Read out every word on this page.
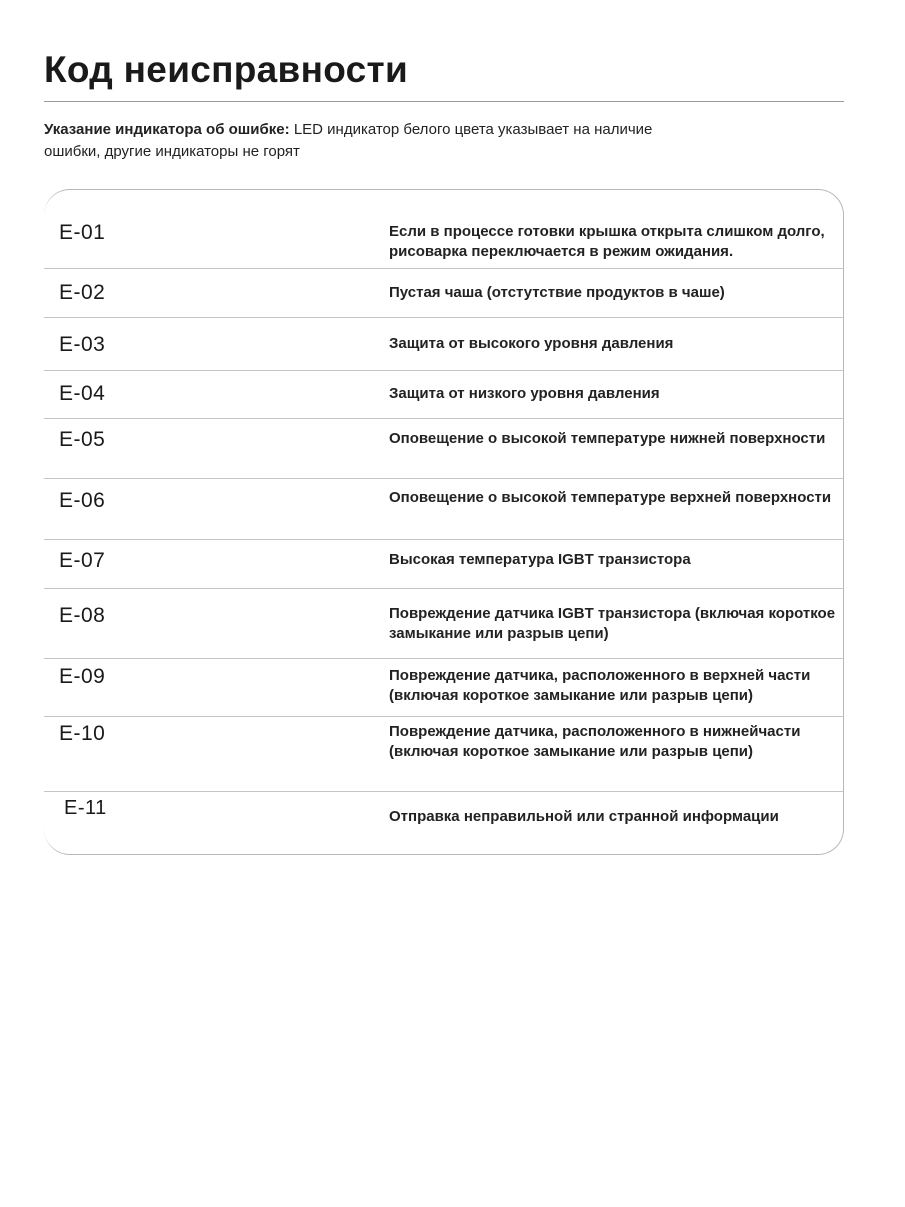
Код неисправности
Указание индикатора об ошибке: LED индикатор белого цвета указывает на наличие ошибки, другие индикаторы не горят
E-01	Если в процессе готовки крышка открыта слишком долго, рисоварка переключается в режим ожидания.
E-02	Пустая чаша (отстутствие продуктов в чаше)
E-03	Защита от высокого уровня давления
E-04	Защита от низкого уровня давления
E-05	Оповещение о высокой температуре нижней поверхности
E-06	Оповещение о высокой температуре верхней поверхности
E-07	Высокая температура IGBT транзистора
E-08	Повреждение датчика IGBT транзистора (включая короткое замыкание или разрыв цепи)
E-09	Повреждение датчика, расположенного в верхней части (включая короткое замыкание или разрыв цепи)
E-10	Повреждение датчика, расположенного в нижнейчасти (включая короткое замыкание или разрыв цепи)
E-11	Отправка неправильной или странной информации
